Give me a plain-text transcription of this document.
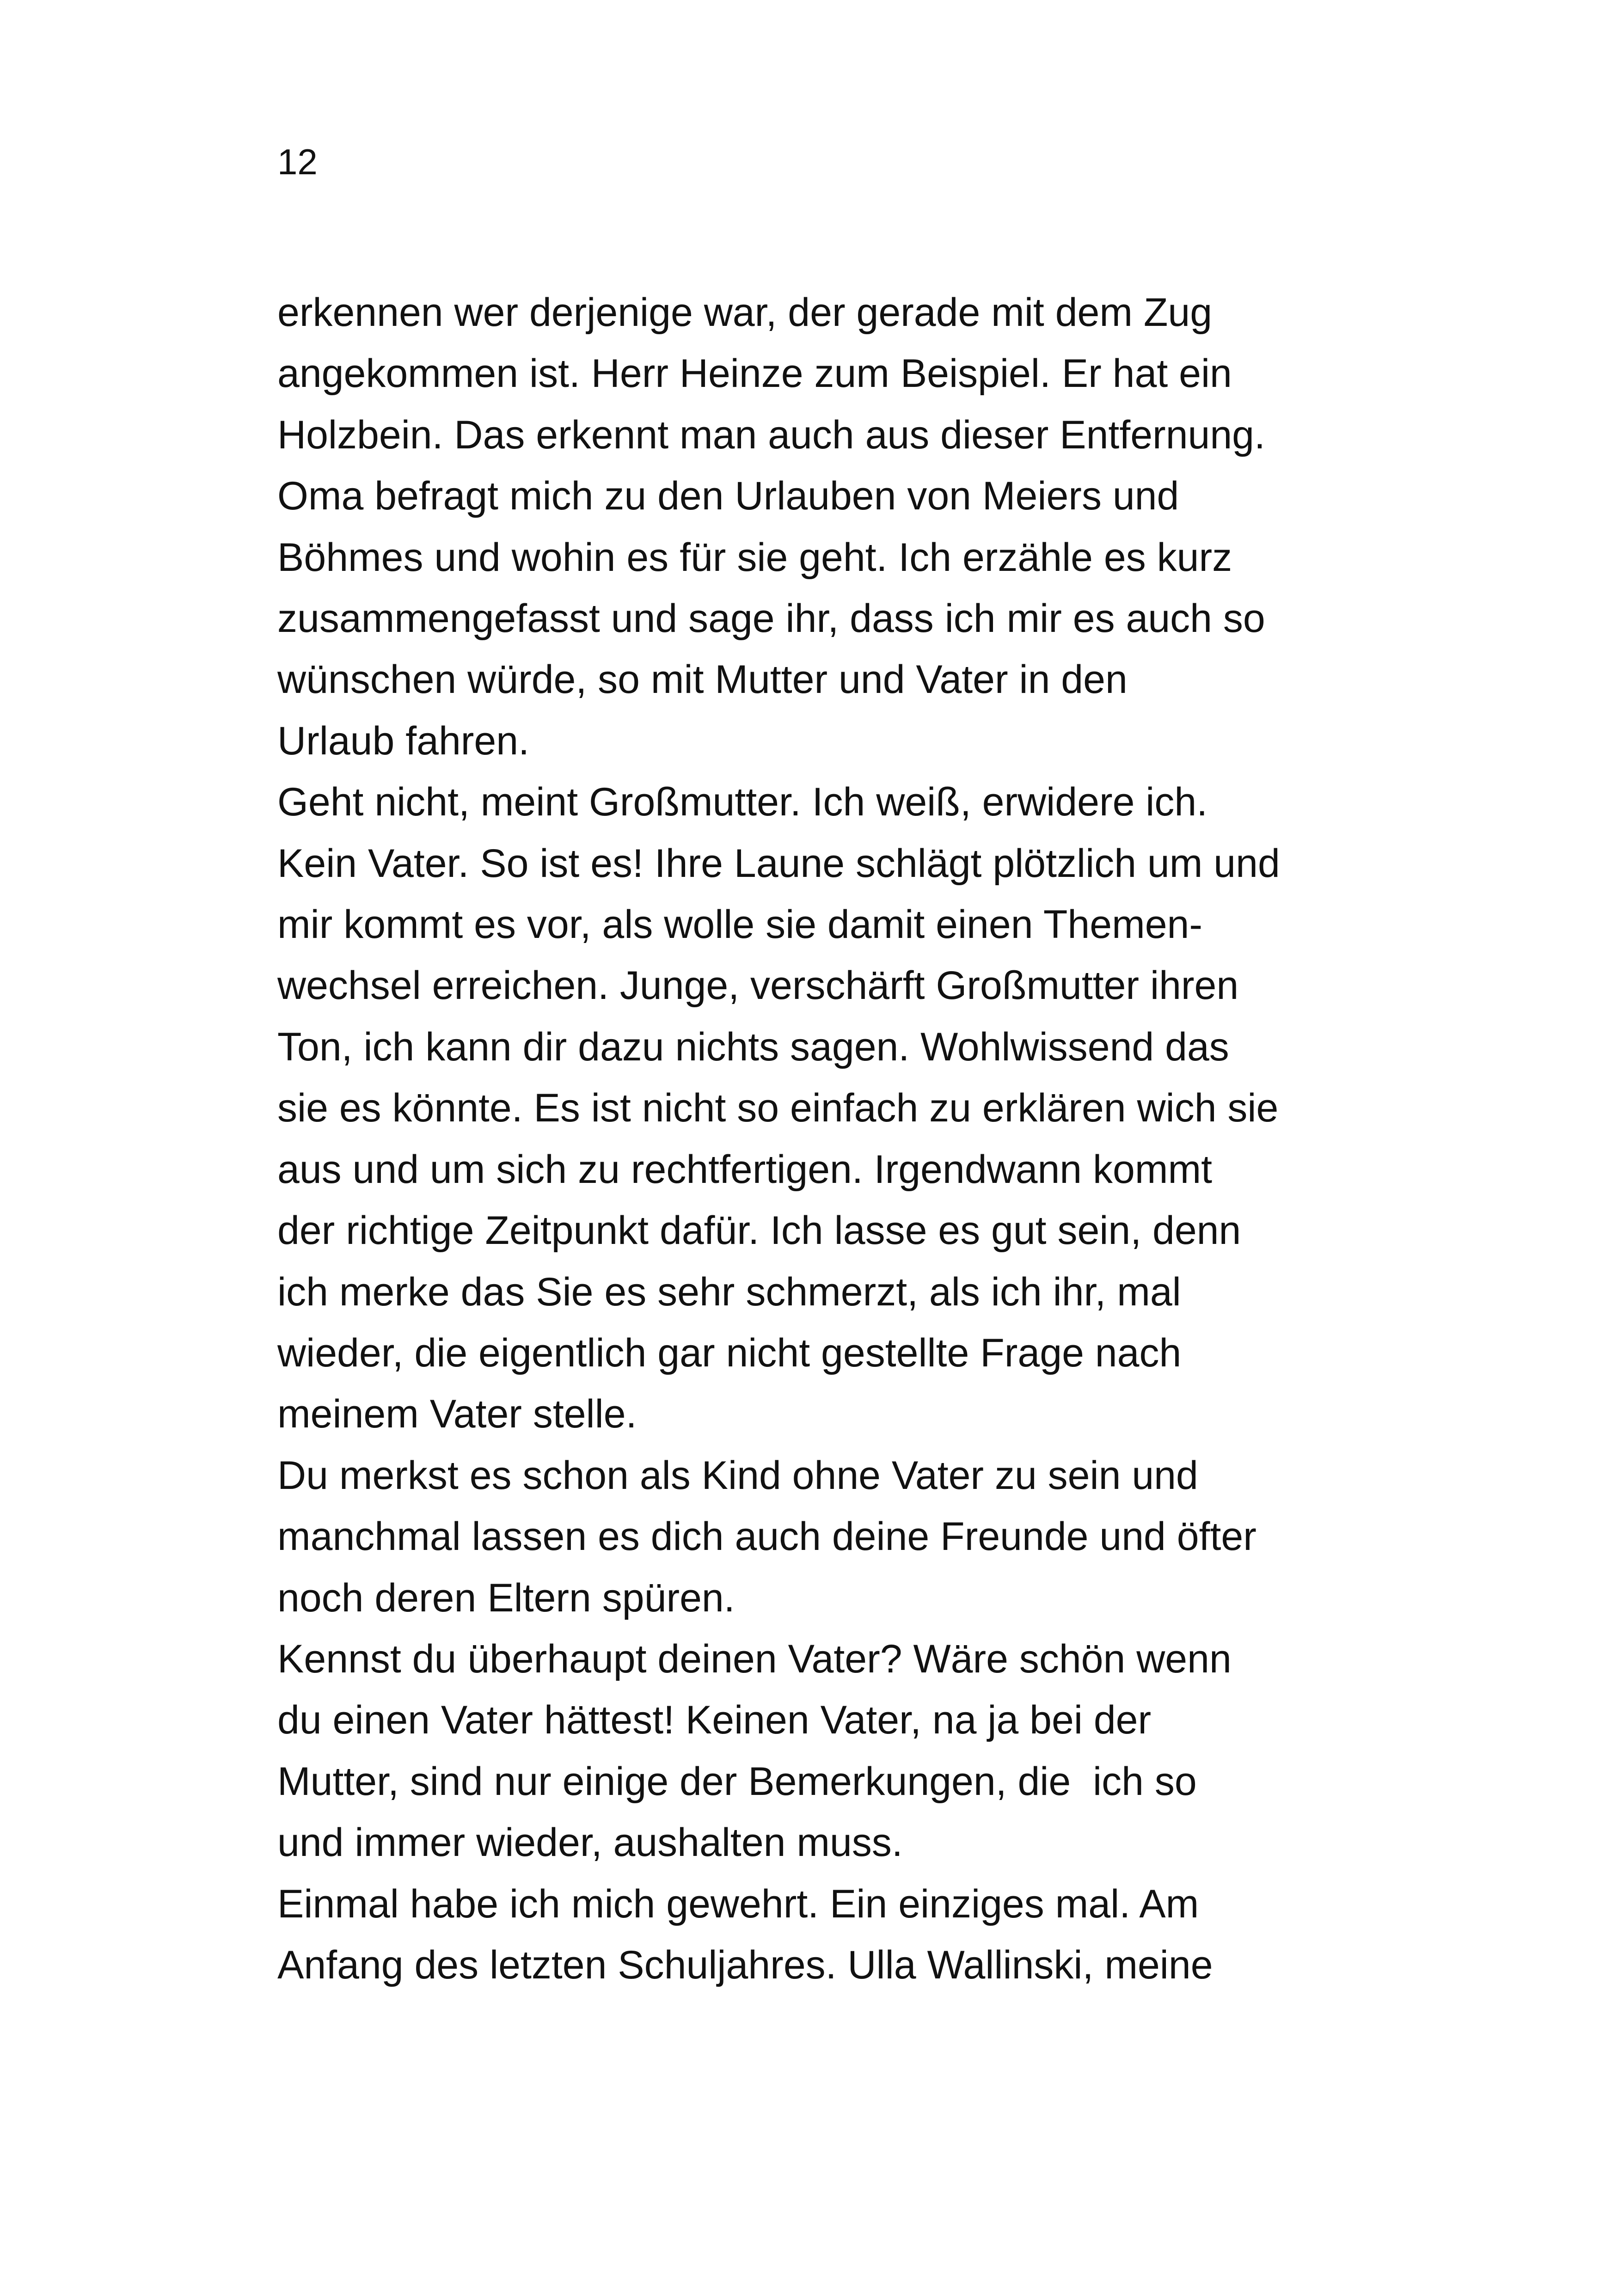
12

erkennen wer derjenige war, der gerade mit dem Zug
angekommen ist. Herr Heinze zum Beispiel. Er hat ein
Holzbein. Das erkennt man auch aus dieser Entfernung.
Oma befragt mich zu den Urlauben von Meiers und
Böhmes und wohin es für sie geht. Ich erzähle es kurz
zusammengefasst und sage ihr, dass ich mir es auch so
wünschen würde, so mit Mutter und Vater in den
Urlaub fahren.
Geht nicht, meint Großmutter. Ich weiß, erwidere ich.
Kein Vater. So ist es! Ihre Laune schlägt plötzlich um und
mir kommt es vor, als wolle sie damit einen Themen-
wechsel erreichen. Junge, verschärft Großmutter ihren
Ton, ich kann dir dazu nichts sagen. Wohlwissend das
sie es könnte. Es ist nicht so einfach zu erklären wich sie
aus und um sich zu rechtfertigen. Irgendwann kommt
der richtige Zeitpunkt dafür. Ich lasse es gut sein, denn
ich merke das Sie es sehr schmerzt, als ich ihr, mal
wieder, die eigentlich gar nicht gestellte Frage nach
meinem Vater stelle.
Du merkst es schon als Kind ohne Vater zu sein und
manchmal lassen es dich auch deine Freunde und öfter
noch deren Eltern spüren.
Kennst du überhaupt deinen Vater? Wäre schön wenn
du einen Vater hättest! Keinen Vater, na ja bei der
Mutter, sind nur einige der Bemerkungen, die  ich so
und immer wieder, aushalten muss.
Einmal habe ich mich gewehrt. Ein einziges mal. Am
Anfang des letzten Schuljahres. Ulla Wallinski, meine
